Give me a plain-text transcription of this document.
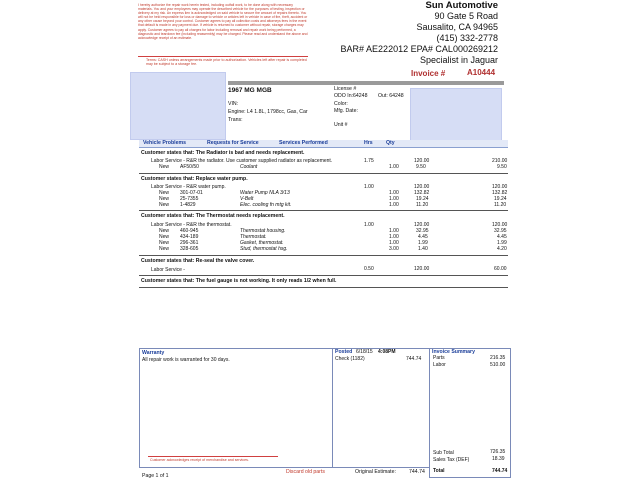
I hereby authorize the repair work herein tested, including outfall work, to be done along with necessary materials. You and your employees may operate the described vehicle for the purposes of testing, inspection or delivery at my risk. An express lien is acknowledged on said vehicle to secure the amount of repairs thereto. You will not be held responsible for loss or damage to vehicle or articles left in vehicle in case of fire, theft, accident or any other cause beyond your control. Customer agrees to pay all collection costs and attorneys fees in the event that default is made in any payment due. If vehicle is returned to customer without repair, storage charges may apply. Customer agrees to pay all charges for labor including removal and repair work being performed, a diagnostic and teardown fee (including reassembly) may be charged. Please read and understand the above and acknowledge receipt of an estimate.
Terms: CASH unless arrangements made prior to authorization. Vehicles left after repair is completed may be subject to a storage fee.
Sun Automotive
90 Gate 5 Road
Sausalito, CA 94965
(415) 332-2778
BAR# AE222012 EPA# CAL000269212
Specialist in Jaguar
Invoice #	A10444
1967 MG MGB
VIN:
Engine: L4 1.8L, 1798cc, Gas, Car
Trans:
License #
ODO In:64248 Out: 64248
Color:
Mfg. Date:
Unit #
Vehicle Problems	Requests for Service	Services Performed	Hrs	Qty
Customer states that: The Radiator is bad and needs replacement.
Labor Service - R&R the radiator. Use customer supplied radiator as replacement.	1.75	120.00	210.00
New AF50/50	Coolant	1.00	9.50	9.50
Customer states that: Replace water pump.
Labor Service - R&R water pump.	1.00	120.00	120.00
New 301-07-01	Water Pump NLA 3/13	1.00	132.82	132.82
New 25-7355	V-Belt	1.00	19.24	19.24
New 1-4829	Elec. cooling fn mtg kit.	1.00	11.20	11.20
Customer states that: The Thermostat needs replacement.
Labor Service - R&R the thermostat.	1.00	120.00	120.00
New 460-945	Thermostat housing.	1.00	32.95	32.95
New 434-189	Thermostat.	1.00	4.45	4.45
New 296-361	Gasket, thermostat.	1.00	1.99	1.99
New 328-605	Stud, thermostat hsg.	3.00	1.40	4.20
Customer states that: Re-seal the valve cover.
Labor Service -	0.50	120.00	60.00
Customer states that: The fuel gauge is not working. It only reads 1/2 when full.
Warranty
All repair work is warranted for 30 days.
Posted 6/18/15 4:08PM
Check (1182)	744.74
Invoice Summary
Parts	216.35
Labor	510.00
Sub Total	726.35
Sales Tax (DEF)	18.39
Total	744.74
Customer acknowledges receipt of merchandise and services.
Page 1 of 1
Discard old parts	Original Estimate:	744.74
